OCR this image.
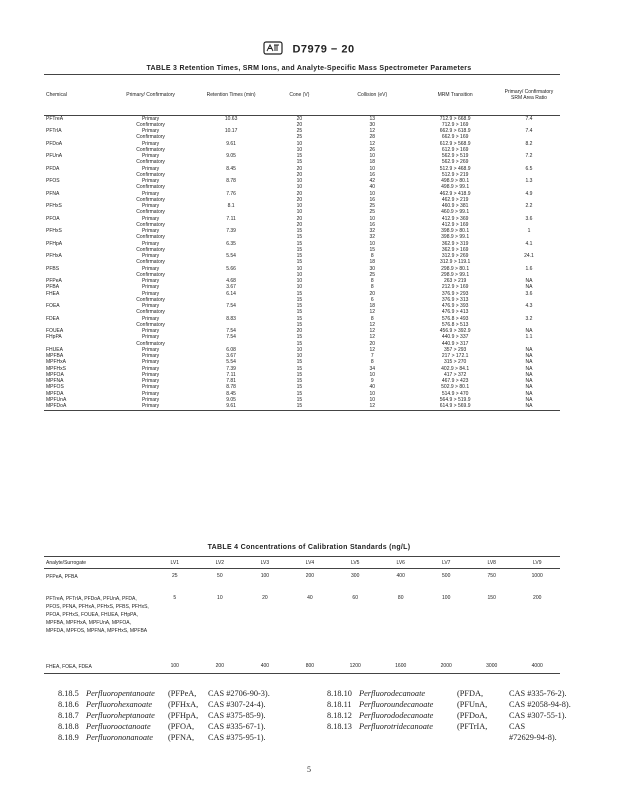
D7979 − 20
TABLE 3 Retention Times, SRM Ions, and Analyte-Specific Mass Spectrometer Parameters
Chemical	Primary/ Confirmatory	Retention Times (min)	Cone (V)	Collision (eV)	MRM Transition	Primary/ Confirmatory SRM Area Ratio
PFTreA	Primary	10.63	20	13	712.9 > 668.9	7.4
	Confirmatory		20	30	712.9 > 169	
PFTrIA	Primary	10.17	25	12	662.9 > 618.9	7.4
	Confirmatory		25	28	662.9 > 169	
PFDoA	Primary	9.61	10	12	612.9 > 568.9	8.2
	Confirmatory		10	26	612.9 > 169	
PFUnA	Primary	9.05	15	10	562.9 > 519	7.2
	Confirmatory		15	18	562.9 > 269	
PFDA	Primary	8.45	20	10	512.9 > 468.9	6.5
	Confirmatory		20	16	512.9 > 219	
PFOS	Primary	8.78	10	42	498.9 > 80.1	1.3
	Confirmatory		10	40	498.9 > 99.1	
PFNA	Primary	7.76	20	10	462.9 > 418.9	4.9
	Confirmatory		20	16	462.9 > 219	
PFHxS	Primary	8.1	10	25	460.9 > 381	2.2
	Confirmatory		10	25	460.9 > 99.1	
PFOA	Primary	7.11	20	10	412.9 > 369	3.6
	Confirmatory		20	16	412.9 > 169	
PFHxS	Primary	7.39	15	32	398.9 > 80.1	1
	Confirmatory		15	32	398.9 > 99.1	
PFHpA	Primary	6.35	15	10	362.9 > 319	4.1
	Confirmatory		15	15	362.9 > 169	
PFHxA	Primary	5.54	15	8	312.9 > 269	24.1
	Confirmatory		15	18	312.9 > 119.1	
PFBS	Primary	5.66	10	30	298.9 > 80.1	1.6
	Confirmatory		10	25	298.9 > 99.1	
PFPeA	Primary	4.68	10	8	263 > 219	NA
PFBA	Primary	3.67	10	8	212.9 > 169	NA
FHEA	Primary	6.14	15	20	376.9 > 293	3.6
	Confirmatory		15	6	376.9 > 313	
FOEA	Primary	7.54	15	18	476.9 > 393	4.3
	Confirmatory		15	12	476.9 > 413	
FDEA	Primary	8.83	15	8	576.8 > 493	3.2
	Confirmatory		15	12	576.8 > 513	
FOUEA	Primary	7.54	20	12	456.9 > 392.9	NA
FHpPA	Primary	7.54	15	12	440.9 > 337	1.1
	Confirmatory		15	20	440.9 > 317	
FHUEA	Primary	6.08	10	12	357 > 293	NA
MPFBA	Primary	3.67	10	7	217 > 172.1	NA
MPFHxA	Primary	5.54	15	8	315 > 270	NA
MPFHxS	Primary	7.39	15	34	402.9 > 84.1	NA
MPFOA	Primary	7.11	15	10	417 > 372	NA
MPFNA	Primary	7.81	15	9	467.9 > 423	NA
MPFOS	Primary	8.78	15	40	502.9 > 80.1	NA
MPFDA	Primary	8.45	15	10	514.9 > 470	NA
MPFUnA	Primary	9.05	15	10	564.9 > 519.9	NA
MPFDoA	Primary	9.61	15	12	614.9 > 569.9	NA
TABLE 4 Concentrations of Calibration Standards (ng/L)
Analyte/Surrogate	LV1	LV2	LV3	LV4	LV5	LV6	LV7	LV8	LV9
PFPeA, PFBA	25	50	100	200	300	400	500	750	1000
PFTreA, PFTrIA, PFDoA, PFUnA, PFDA, PFOS, PFNA, PFHxA, PFHxS, PFBS, PFHxS, PFOA, PFHxS, FOUEA, FHUEA, FHpPA, MPFBA, MPFHxA, MPFUnA, MPFOA, MPFDA, MPFOS, MPFNA, MPFHxS, MPFBA	5	10	20	40	60	80	100	150	200
FHEA, FOEA, FDEA	100	200	400	800	1200	1600	2000	3000	4000
8.18.5 Perfluoropentanoate (PFPeA, CAS #2706-90-3).
8.18.6 Perfluorohexanoate (PFHxA, CAS #307-24-4).
8.18.7 Perfluoroheptanoate (PFHpA, CAS #375-85-9).
8.18.8 Perfluorooctanoate (PFOA, CAS #335-67-1).
8.18.9 Perfluorononanoate (PFNA, CAS #375-95-1).
8.18.10 Perfluorodecanoate	(PFDA,	CAS #335-76-2).
8.18.11 Perfluoroundecanoate	(PFUnA,	CAS #2058-94-8).
8.18.12 Perfluorododecanoate	(PFDoA,	CAS #307-55-1).
8.18.13 Perfluorotridecanoate	(PFTrIA,	CAS
#72629-94-8).
5
